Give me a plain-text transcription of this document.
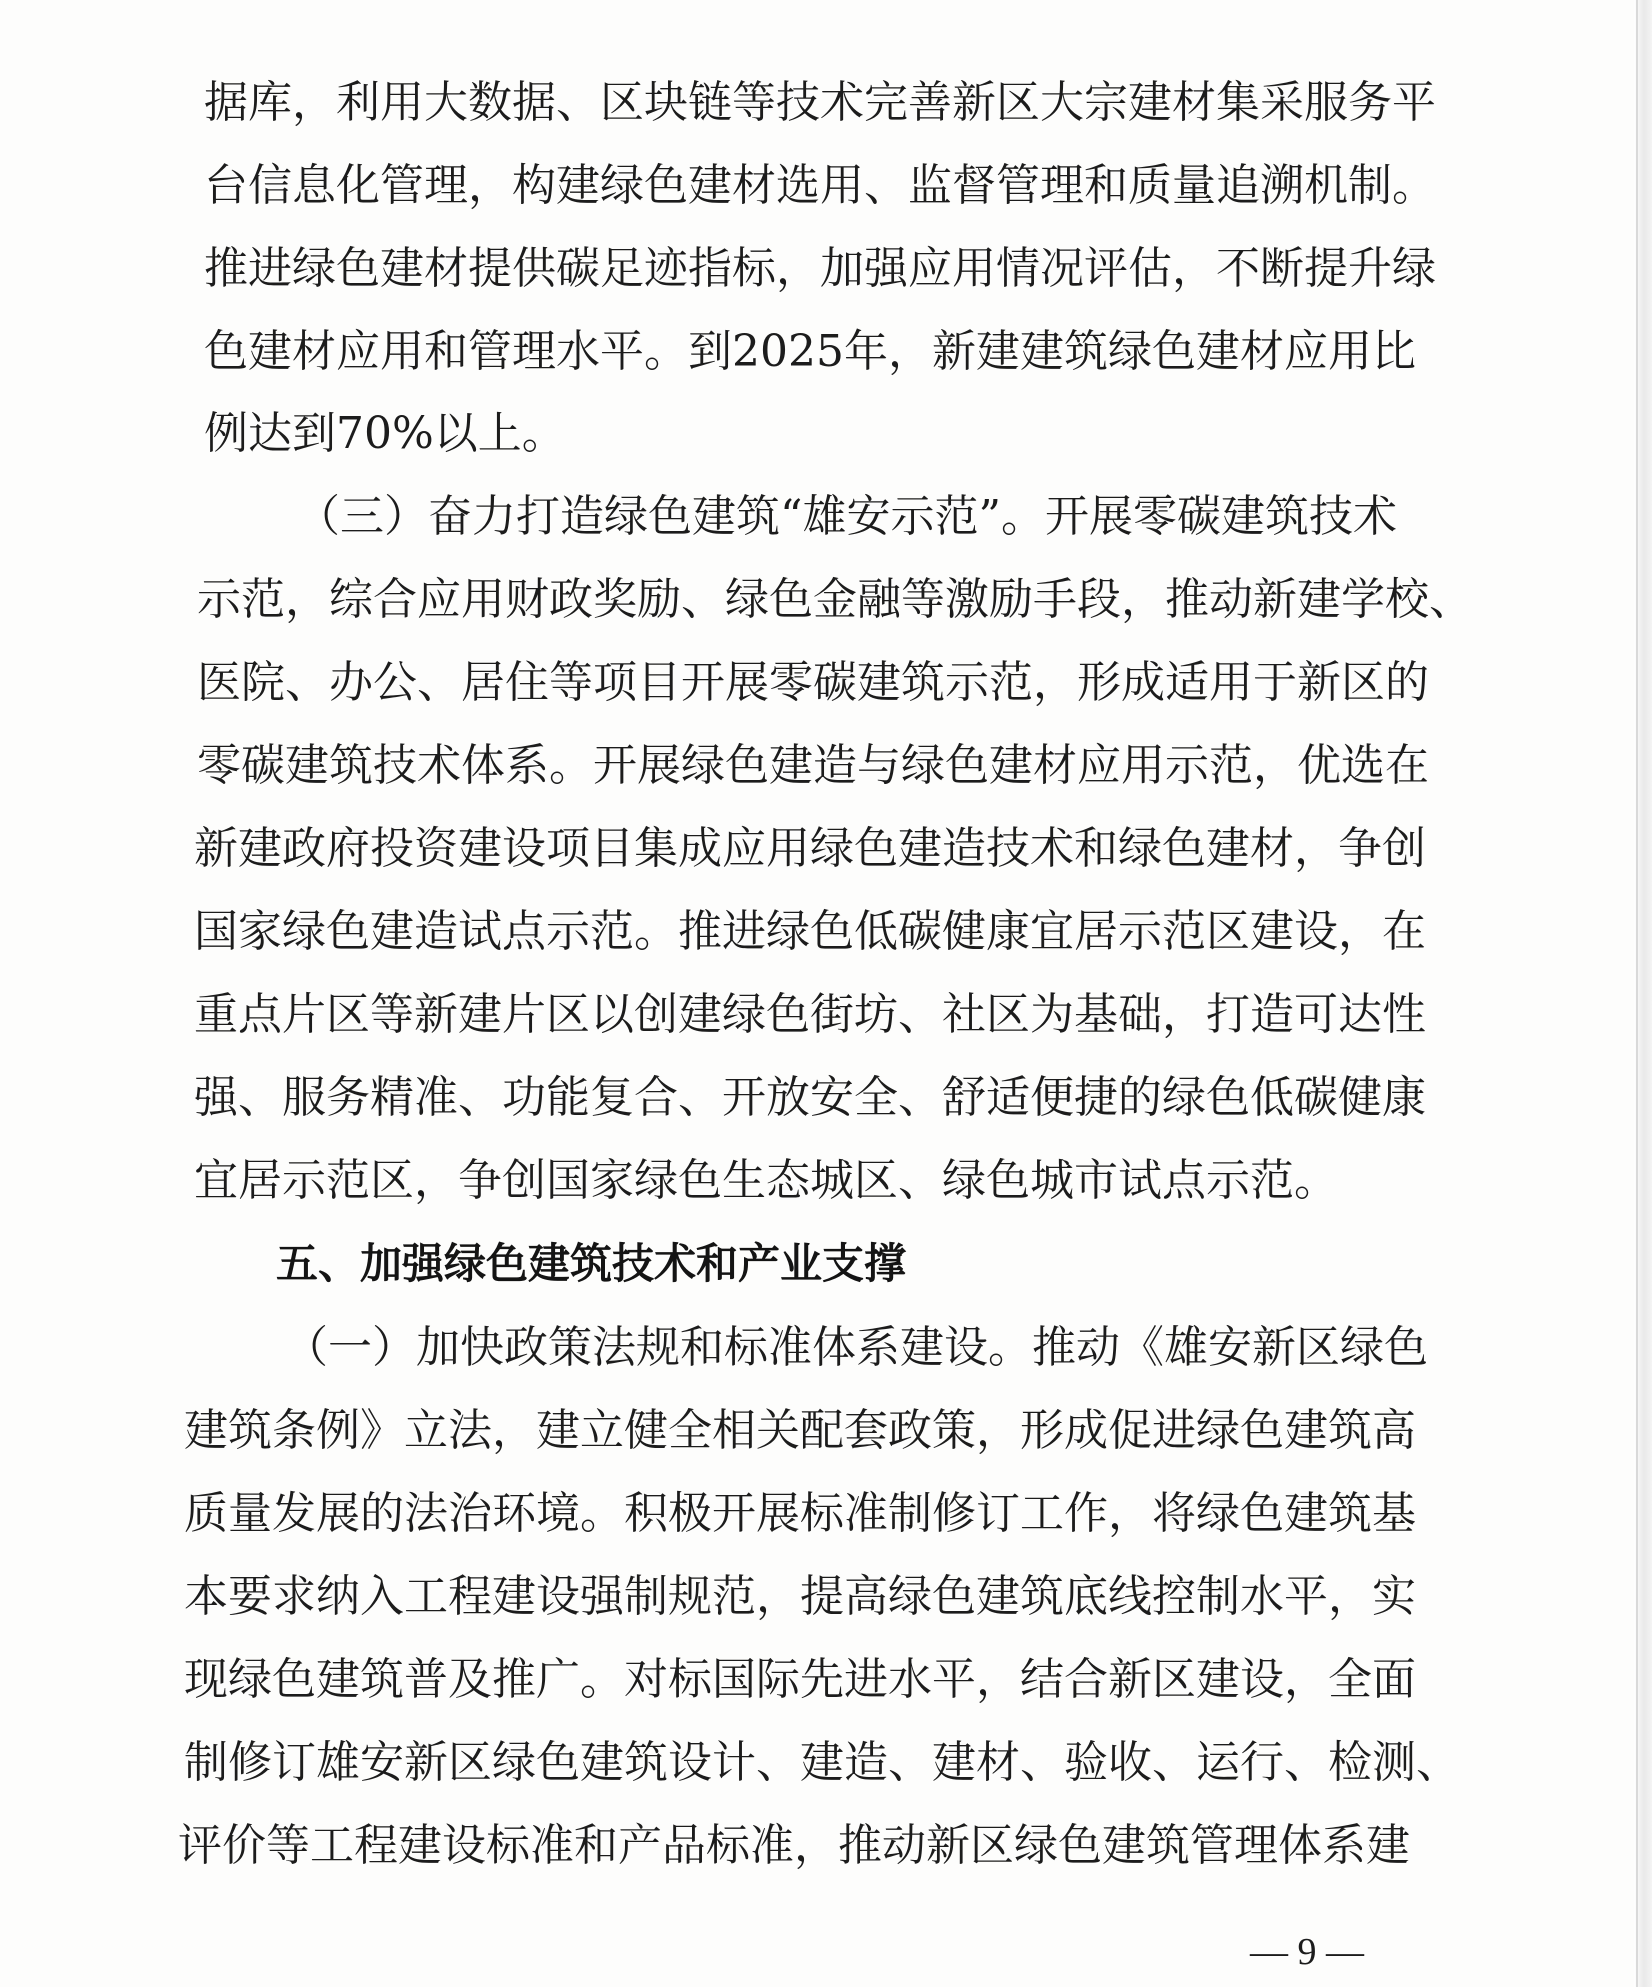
据库，利用大数据、区块链等技术完善新区大宗建材集采服务平
台信息化管理，构建绿色建材选用、监督管理和质量追溯机制。
推进绿色建材提供碳足迹指标，加强应用情况评估，不断提升绿
色建材应用和管理水平。到2025年，新建建筑绿色建材应用比
例达到70%以上。
（三）奋力打造绿色建筑“雄安示范”。开展零碳建筑技术
示范，综合应用财政奖励、绿色金融等激励手段，推动新建学校、
医院、办公、居住等项目开展零碳建筑示范，形成适用于新区的
零碳建筑技术体系。开展绿色建造与绿色建材应用示范，优选在
新建政府投资建设项目集成应用绿色建造技术和绿色建材，争创
国家绿色建造试点示范。推进绿色低碳健康宜居示范区建设，在
重点片区等新建片区以创建绿色街坊、社区为基础，打造可达性
强、服务精准、功能复合、开放安全、舒适便捷的绿色低碳健康
宜居示范区，争创国家绿色生态城区、绿色城市试点示范。
五、加强绿色建筑技术和产业支撑
（一）加快政策法规和标准体系建设。推动《雄安新区绿色
建筑条例》立法，建立健全相关配套政策，形成促进绿色建筑高
质量发展的法治环境。积极开展标准制修订工作，将绿色建筑基
本要求纳入工程建设强制规范，提高绿色建筑底线控制水平，实
现绿色建筑普及推广。对标国际先进水平，结合新区建设，全面
制修订雄安新区绿色建筑设计、建造、建材、验收、运行、检测、
评价等工程建设标准和产品标准，推动新区绿色建筑管理体系建
— 9 —
